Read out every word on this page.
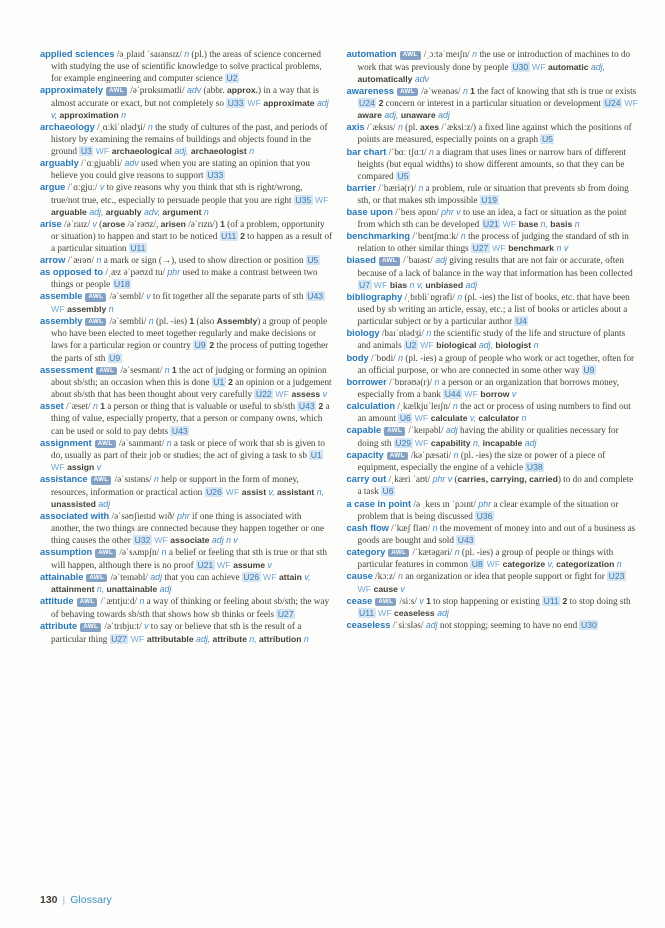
applied sciences /əˌplaɪd ˈsaɪənsɪz/ n (pl.) the areas of science concerned with studying the use of scientific knowledge to solve practical problems, for example engineering and computer science U2
approximately AWL /əˈprɒksɪmətli/ adv (abbr. approx.) in a way that is almost accurate or exact, but not completely so U33 WF approximate adj v, approximation n
archaeology /ˌɑːkiˈɒlədʒi/ n the study of cultures of the past, and periods of history by examining the remains of buildings and objects found in the ground U3 WF archaeological adj, archaeologist n
arguably /ˈɑːgjuəbli/ adv used when you are stating an opinion that you believe you could give reasons to support U33
argue /ˈɑːgjuː/ v to give reasons why you think that sth is right/wrong, true/not true, etc., especially to persuade people that you are right U35 WF arguable adj, arguably adv, argument n
arise /əˈraɪz/ v (arose /əˈrəʊz/, arisen /əˈrɪzn/) 1 (of a problem, opportunity or situation) to happen and start to be noticed U11 2 to happen as a result of a particular situation U11
arrow /ˈærəʊ/ n a mark or sign (→), used to show direction or position U5
as opposed to /ˌæz əˈpəʊzd tu/ phr used to make a contrast between two things or people U18
assemble AWL /əˈsembl/ v to fit together all the separate parts of sth U43 WF assembly n
assembly AWL /əˈsembli/ n (pl. -ies) 1 (also Assembly) a group of people who have been elected to meet together regularly and make decisions or laws for a particular region or country U9 2 the process of putting together the parts of sth U9
assessment AWL /əˈsesmənt/ n 1 the act of judging or forming an opinion about sb/sth; an occasion when this is done U1 2 an opinion or a judgement about sb/sth that has been thought about very carefully U22 WF assess v
asset /ˈæset/ n 1 a person or thing that is valuable or useful to sb/sth U43 2 a thing of value, especially property, that a person or company owns, which can be used or sold to pay debts U43
assignment AWL /əˈsaɪnmənt/ n a task or piece of work that sb is given to do, usually as part of their job or studies; the act of giving a task to sb U1 WF assign v
assistance AWL /əˈsɪstəns/ n help or support in the form of money, resources, information or practical action U26 WF assist v, assistant n, unassisted adj
associated with /əˈsəʊʃieɪtɪd wɪð/ phr if one thing is associated with another, the two things are connected because they happen together or one thing causes the other U32 WF associate adj n v
assumption AWL /əˈsʌmpʃn/ n a belief or feeling that sth is true or that sth will happen, although there is no proof U21 WF assume v
attainable AWL /əˈteɪnəbl/ adj that you can achieve U26 WF attain v, attainment n, unattainable adj
attitude AWL /ˈætɪtjuːd/ n a way of thinking or feeling about sb/sth; the way of behaving towards sb/sth that shows how sb thinks or feels U27
attribute AWL /əˈtrɪbjuːt/ v to say or believe that sth is the result of a particular thing U27 WF attributable adj, attribute n, attribution n
automation AWL /ˌɔːtəˈmeɪʃn/ n the use or introduction of machines to do work that was previously done by people U30 WF automatic adj, automatically adv
awareness AWL /əˈweənəs/ n 1 the fact of knowing that sth is true or exists U24 2 concern or interest in a particular situation or development U24 WF aware adj, unaware adj
axis /ˈæksɪs/ n (pl. axes /ˈæksiːz/) a fixed line against which the positions of points are measured, especially points on a graph U5
bar chart /ˈbɑː tʃɑːt/ n a diagram that uses lines or narrow bars of different heights (but equal widths) to show different amounts, so that they can be compared U5
barrier /ˈbæriə(r)/ n a problem, rule or situation that prevents sb from doing sth, or that makes sth impossible U19
base upon /ˈbeɪs əpɒn/ phr v to use an idea, a fact or situation as the point from which sth can be developed U21 WF base n, basis n
benchmarking /ˈbentʃmɑːk/ n the process of judging the standard of sth in relation to other similar things U27 WF benchmark n v
biased AWL /ˈbaɪəst/ adj giving results that are not fair or accurate, often because of a lack of balance in the way that information has been collected U7 WF bias n v, unbiased adj
bibliography /ˌbɪbliˈɒgrəfi/ n (pl. -ies) the list of books, etc. that have been used by sb writing an article, essay, etc.; a list of books or articles about a particular subject or by a particular author U4
biology /baɪˈɒlədʒi/ n the scientific study of the life and structure of plants and animals U2 WF biological adj, biologist n
body /ˈbɒdi/ n (pl. -ies) a group of people who work or act together, often for an official purpose, or who are connected in some other way U9
borrower /ˈbɒrəʊə(r)/ n a person or an organization that borrows money, especially from a bank U44 WF borrow v
calculation /ˌkælkjuˈleɪʃn/ n the act or process of using numbers to find out an amount U6 WF calculate v, calculator n
capable AWL /ˈkeɪpəbl/ adj having the ability or qualities necessary for doing sth U29 WF capability n, incapable adj
capacity AWL /kəˈpæsəti/ n (pl. -ies) the size or power of a piece of equipment, especially the engine of a vehicle U38
carry out /ˌkæri ˈaʊt/ phr v (carries, carrying, carried) to do and complete a task U6
a case in point /ə ˌkeɪs ɪn ˈpɔɪnt/ phr a clear example of the situation or problem that is being discussed U36
cash flow /ˈkæʃ fləʊ/ n the movement of money into and out of a business as goods are bought and sold U43
category AWL /ˈkætəgəri/ n (pl. -ies) a group of people or things with particular features in common U8 WF categorize v, categorization n
cause /kɔːz/ n an organization or idea that people support or fight for U23 WF cause v
cease AWL /siːs/ v 1 to stop happening or existing U11 2 to stop doing sth U11 WF ceaseless adj
ceaseless /ˈsiːsləs/ adj not stopping; seeming to have no end U30
130 | Glossary
